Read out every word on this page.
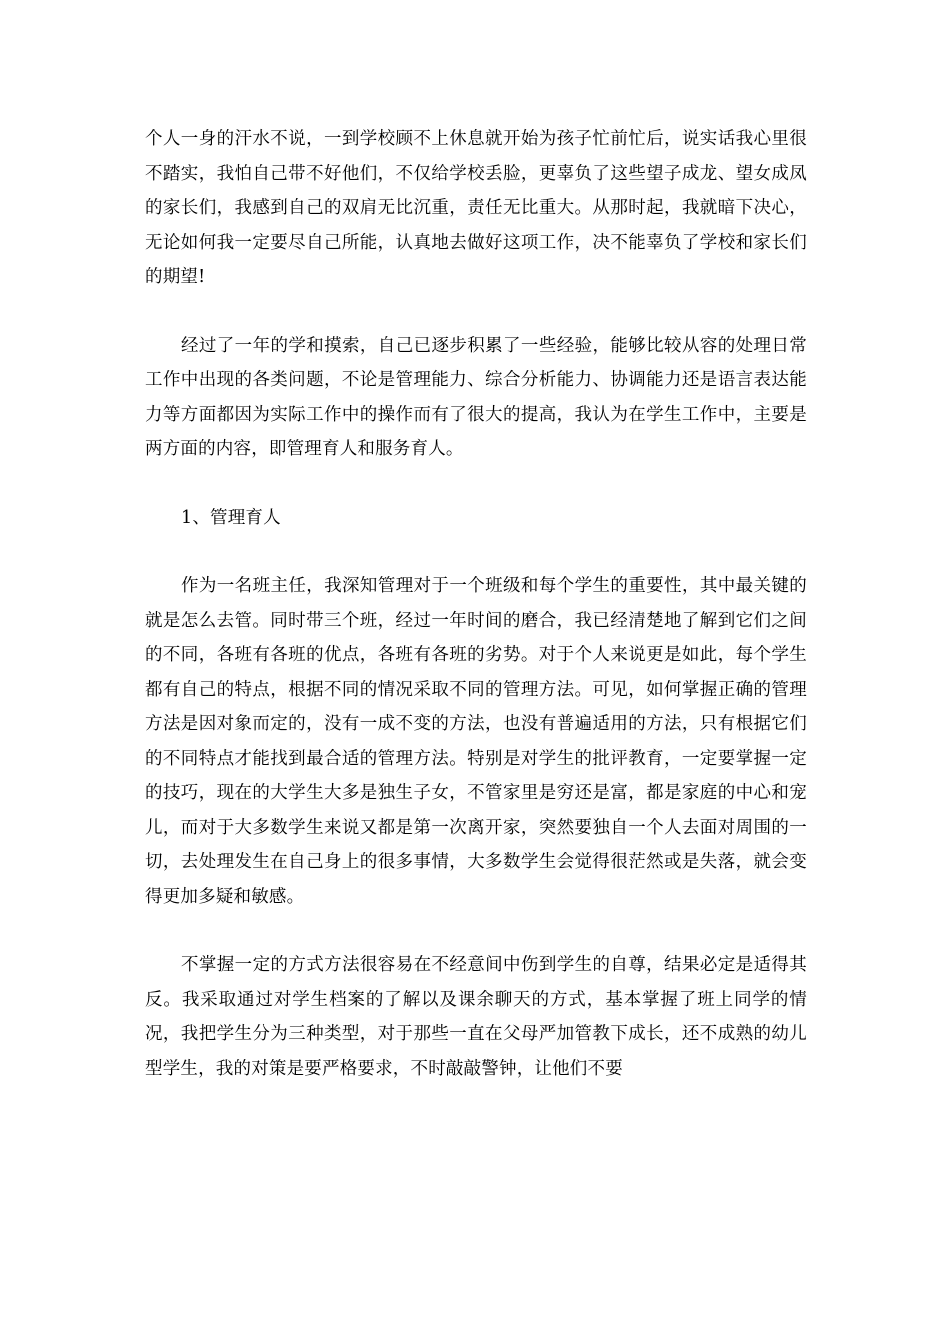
个人一身的汗水不说，一到学校顾不上休息就开始为孩子忙前忙后，说实话我心里很不踏实，我怕自己带不好他们，不仅给学校丢脸，更辜负了这些望子成龙、望女成凤的家长们，我感到自己的双肩无比沉重，责任无比重大。从那时起，我就暗下决心，无论如何我一定要尽自己所能，认真地去做好这项工作，决不能辜负了学校和家长们的期望!

经过了一年的学和摸索，自己已逐步积累了一些经验，能够比较从容的处理日常工作中出现的各类问题，不论是管理能力、综合分析能力、协调能力还是语言表达能力等方面都因为实际工作中的操作而有了很大的提高，我认为在学生工作中，主要是两方面的内容，即管理育人和服务育人。

1、管理育人

作为一名班主任，我深知管理对于一个班级和每个学生的重要性，其中最关键的就是怎么去管。同时带三个班，经过一年时间的磨合，我已经清楚地了解到它们之间的不同，各班有各班的优点，各班有各班的劣势。对于个人来说更是如此，每个学生都有自己的特点，根据不同的情况采取不同的管理方法。可见，如何掌握正确的管理方法是因对象而定的，没有一成不变的方法，也没有普遍适用的方法，只有根据它们的不同特点才能找到最合适的管理方法。特别是对学生的批评教育，一定要掌握一定的技巧，现在的大学生大多是独生子女，不管家里是穷还是富，都是家庭的中心和宠儿，而对于大多数学生来说又都是第一次离开家，突然要独自一个人去面对周围的一切，去处理发生在自己身上的很多事情，大多数学生会觉得很茫然或是失落，就会变得更加多疑和敏感。

不掌握一定的方式方法很容易在不经意间中伤到学生的自尊，结果必定是适得其反。我采取通过对学生档案的了解以及课余聊天的方式，基本掌握了班上同学的情况，我把学生分为三种类型，对于那些一直在父母严加管教下成长，还不成熟的幼儿型学生，我的对策是要严格要求，不时敲敲警钟，让他们不要
